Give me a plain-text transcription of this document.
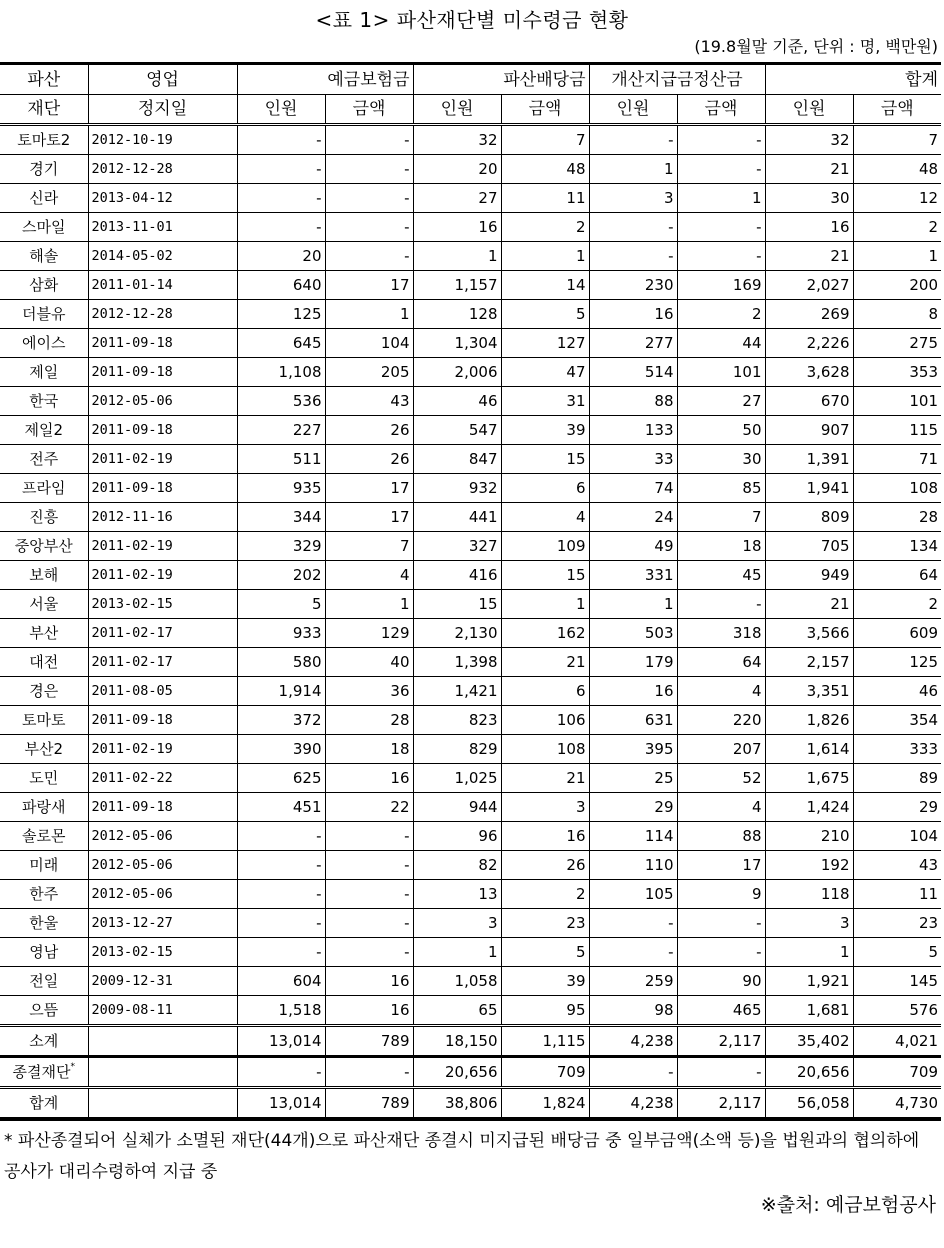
<표 1> 파산재단별 미수령금 현황
(19.8월말 기준, 단위 : 명, 백만원)
파산	영업	예금보험금		파산배당금		개산지급금정산금		합계	
재단	정지일	인원	금액	인원	금액	인원	금액	인원	금액
토마토2	2012-10-19	-	-	32	7	-	-	32	7
경기	2012-12-28	-	-	20	48	1	-	21	48
신라	2013-04-12	-	-	27	11	3	1	30	12
스마일	2013-11-01	-	-	16	2	-	-	16	2
해솔	2014-05-02	20	-	1	1	-	-	21	1
삼화	2011-01-14	640	17	1,157	14	230	169	2,027	200
더블유	2012-12-28	125	1	128	5	16	2	269	8
에이스	2011-09-18	645	104	1,304	127	277	44	2,226	275
제일	2011-09-18	1,108	205	2,006	47	514	101	3,628	353
한국	2012-05-06	536	43	46	31	88	27	670	101
제일2	2011-09-18	227	26	547	39	133	50	907	115
전주	2011-02-19	511	26	847	15	33	30	1,391	71
프라임	2011-09-18	935	17	932	6	74	85	1,941	108
진흥	2012-11-16	344	17	441	4	24	7	809	28
중앙부산	2011-02-19	329	7	327	109	49	18	705	134
보해	2011-02-19	202	4	416	15	331	45	949	64
서울	2013-02-15	5	1	15	1	1	-	21	2
부산	2011-02-17	933	129	2,130	162	503	318	3,566	609
대전	2011-02-17	580	40	1,398	21	179	64	2,157	125
경은	2011-08-05	1,914	36	1,421	6	16	4	3,351	46
토마토	2011-09-18	372	28	823	106	631	220	1,826	354
부산2	2011-02-19	390	18	829	108	395	207	1,614	333
도민	2011-02-22	625	16	1,025	21	25	52	1,675	89
파랑새	2011-09-18	451	22	944	3	29	4	1,424	29
솔로몬	2012-05-06	-	-	96	16	114	88	210	104
미래	2012-05-06	-	-	82	26	110	17	192	43
한주	2012-05-06	-	-	13	2	105	9	118	11
한울	2013-12-27	-	-	3	23	-	-	3	23
영남	2013-02-15	-	-	1	5	-	-	1	5
전일	2009-12-31	604	16	1,058	39	259	90	1,921	145
으뜸	2009-08-11	1,518	16	65	95	98	465	1,681	576
소계		13,014	789	18,150	1,115	4,238	2,117	35,402	4,021
종결재단*		-	-	20,656	709	-	-	20,656	709
합계		13,014	789	38,806	1,824	4,238	2,117	56,058	4,730
* 파산종결되어 실체가 소멸된 재단(44개)으로 파산재단 종결시 미지급된 배당금 중 일부금액(소액 등)을 법원과의 협의하에 공사가 대리수령하여 지급 중
※출처: 예금보험공사
